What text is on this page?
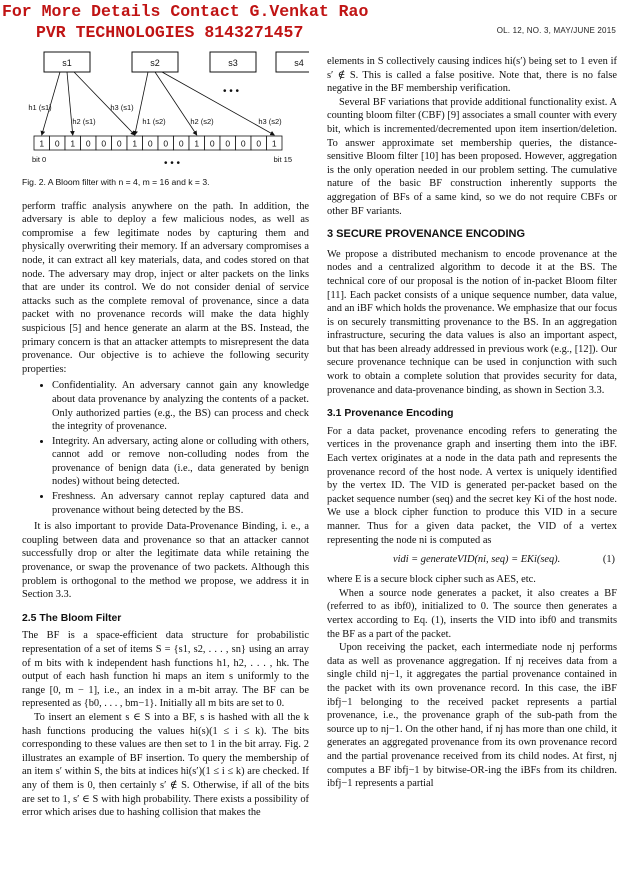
For More Details Contact G.Venkat Rao
PVR TECHNOLOGIES 8143271457	OL. 12, NO. 3, MAY/JUNE 2015
s1	s2	s3	s4
• • •
1 0 1 0 0 0 1 0 0 0 1 0 0 0 0 1
bit 0	bit 15
• • •
h1 (s1)
h2 (s1)
h3 (s1)
h1 (s2)	h2 (s2)	h3 (s2)
Fig. 2. A Bloom filter with n = 4, m = 16 and k = 3.

perform traffic analysis anywhere on the path. In addition, the adversary is able to deploy a few malicious nodes, as well as compromise a few legitimate nodes by capturing them and physically overwriting their memory. If an adversary compromises a node, it can extract all key materials, data, and codes stored on that node. The adversary may drop, inject or alter packets on the links that are under its control. We do not consider denial of service attacks such as the complete removal of provenance, since a data packet with no provenance records will make the data highly suspicious [5] and hence generate an alarm at the BS. Instead, the primary concern is that an attacker attempts to misrepresent the data provenance. Our objective is to achieve the following security properties:

• Confidentiality. An adversary cannot gain any knowledge about data provenance by analyzing the contents of a packet. Only authorized parties (e.g., the BS) can process and check the integrity of provenance.
• Integrity. An adversary, acting alone or colluding with others, cannot add or remove non-colluding nodes from the provenance of benign data (i.e., data generated by benign nodes) without being detected.
• Freshness. An adversary cannot replay captured data and provenance without being detected by the BS.

It is also important to provide Data-Provenance Binding, i. e., a coupling between data and provenance so that an attacker cannot successfully drop or alter the legitimate data while retaining the provenance, or swap the provenance of two packets. Although this problem is orthogonal to the method we propose, we address it in Section 3.3.

2.5 The Bloom Filter

The BF is a space-efficient data structure for probabilistic representation of a set of items S = {s1, s2, . . . , sn} using an array of m bits with k independent hash functions h1, h2, . . . , hk. The output of each hash function hi maps an item s uniformly to the range [0, m − 1], i.e., an index in a m-bit array. The BF can be represented as {b0, . . . , bm−1}. Initially all m bits are set to 0.

To insert an element s ∈ S into a BF, s is hashed with all the k hash functions producing the values hi(s)(1 ≤ i ≤ k). The bits corresponding to these values are then set to 1 in the bit array. Fig. 2 illustrates an example of BF insertion. To query the membership of an item s′ within S, the bits at indices hi(s′)(1 ≤ i ≤ k) are checked. If any of them is 0, then certainly s′ ∉ S. Otherwise, if all of the bits are set to 1, s′ ∈ S with high probability. There exists a possibility of error which arises due to hashing collision that makes the

elements in S collectively causing indices hi(s′) being set to 1 even if s′ ∉ S. This is called a false positive. Note that, there is no false negative in the BF membership verification.

Several BF variations that provide additional functionality exist. A counting bloom filter (CBF) [9] associates a small counter with every bit, which is incremented/decremented upon item insertion/deletion. To answer approximate set membership queries, the distance-sensitive Bloom filter [10] has been proposed. However, aggregation is the only operation needed in our problem setting. The cumulative nature of the basic BF construction inherently supports the aggregation of BFs of a same kind, so we do not require CBFs or other BF variants.

3 SECURE PROVENANCE ENCODING

We propose a distributed mechanism to encode provenance at the nodes and a centralized algorithm to decode it at the BS. The technical core of our proposal is the notion of in-packet Bloom filter [11]. Each packet consists of a unique sequence number, data value, and an iBF which holds the provenance. We emphasize that our focus is on securely transmitting provenance to the BS. In an aggregation infrastructure, securing the data values is also an important aspect, but that has been already addressed in previous work (e.g., [12]). Our secure provenance technique can be used in conjunction with such work to obtain a complete solution that provides security for data, provenance and data-provenance binding, as shown in Section 3.3.

3.1 Provenance Encoding

For a data packet, provenance encoding refers to generating the vertices in the provenance graph and inserting them into the iBF. Each vertex originates at a node in the data path and represents the provenance record of the host node. A vertex is uniquely identified by the vertex ID. The VID is generated per-packet based on the packet sequence number (seq) and the secret key Ki of the host node. We use a block cipher function to produce this VID in a secure manner. Thus for a given data packet, the VID of a vertex representing the node ni is computed as

vidi = generateVID(ni, seq) = EKi(seq).	(1)

where E is a secure block cipher such as AES, etc.

When a source node generates a packet, it also creates a BF (referred to as ibf0), initialized to 0. The source then generates a vertex according to Eq. (1), inserts the VID into ibf0 and transmits the BF as a part of the packet.

Upon receiving the packet, each intermediate node nj performs data as well as provenance aggregation. If nj receives data from a single child nj−1, it aggregates the partial provenance contained in the packet with its own provenance record. In this case, the iBF ibfj−1 belonging to the received packet represents a partial provenance, i.e., the provenance graph of the sub-path from the source up to nj−1. On the other hand, if nj has more than one child, it generates an aggregated provenance from its own provenance record and the partial provenance received from its child nodes. At first, nj computes a BF ibfj−1 by bitwise-OR-ing the iBFs from its children. ibfj−1 represents a partial
